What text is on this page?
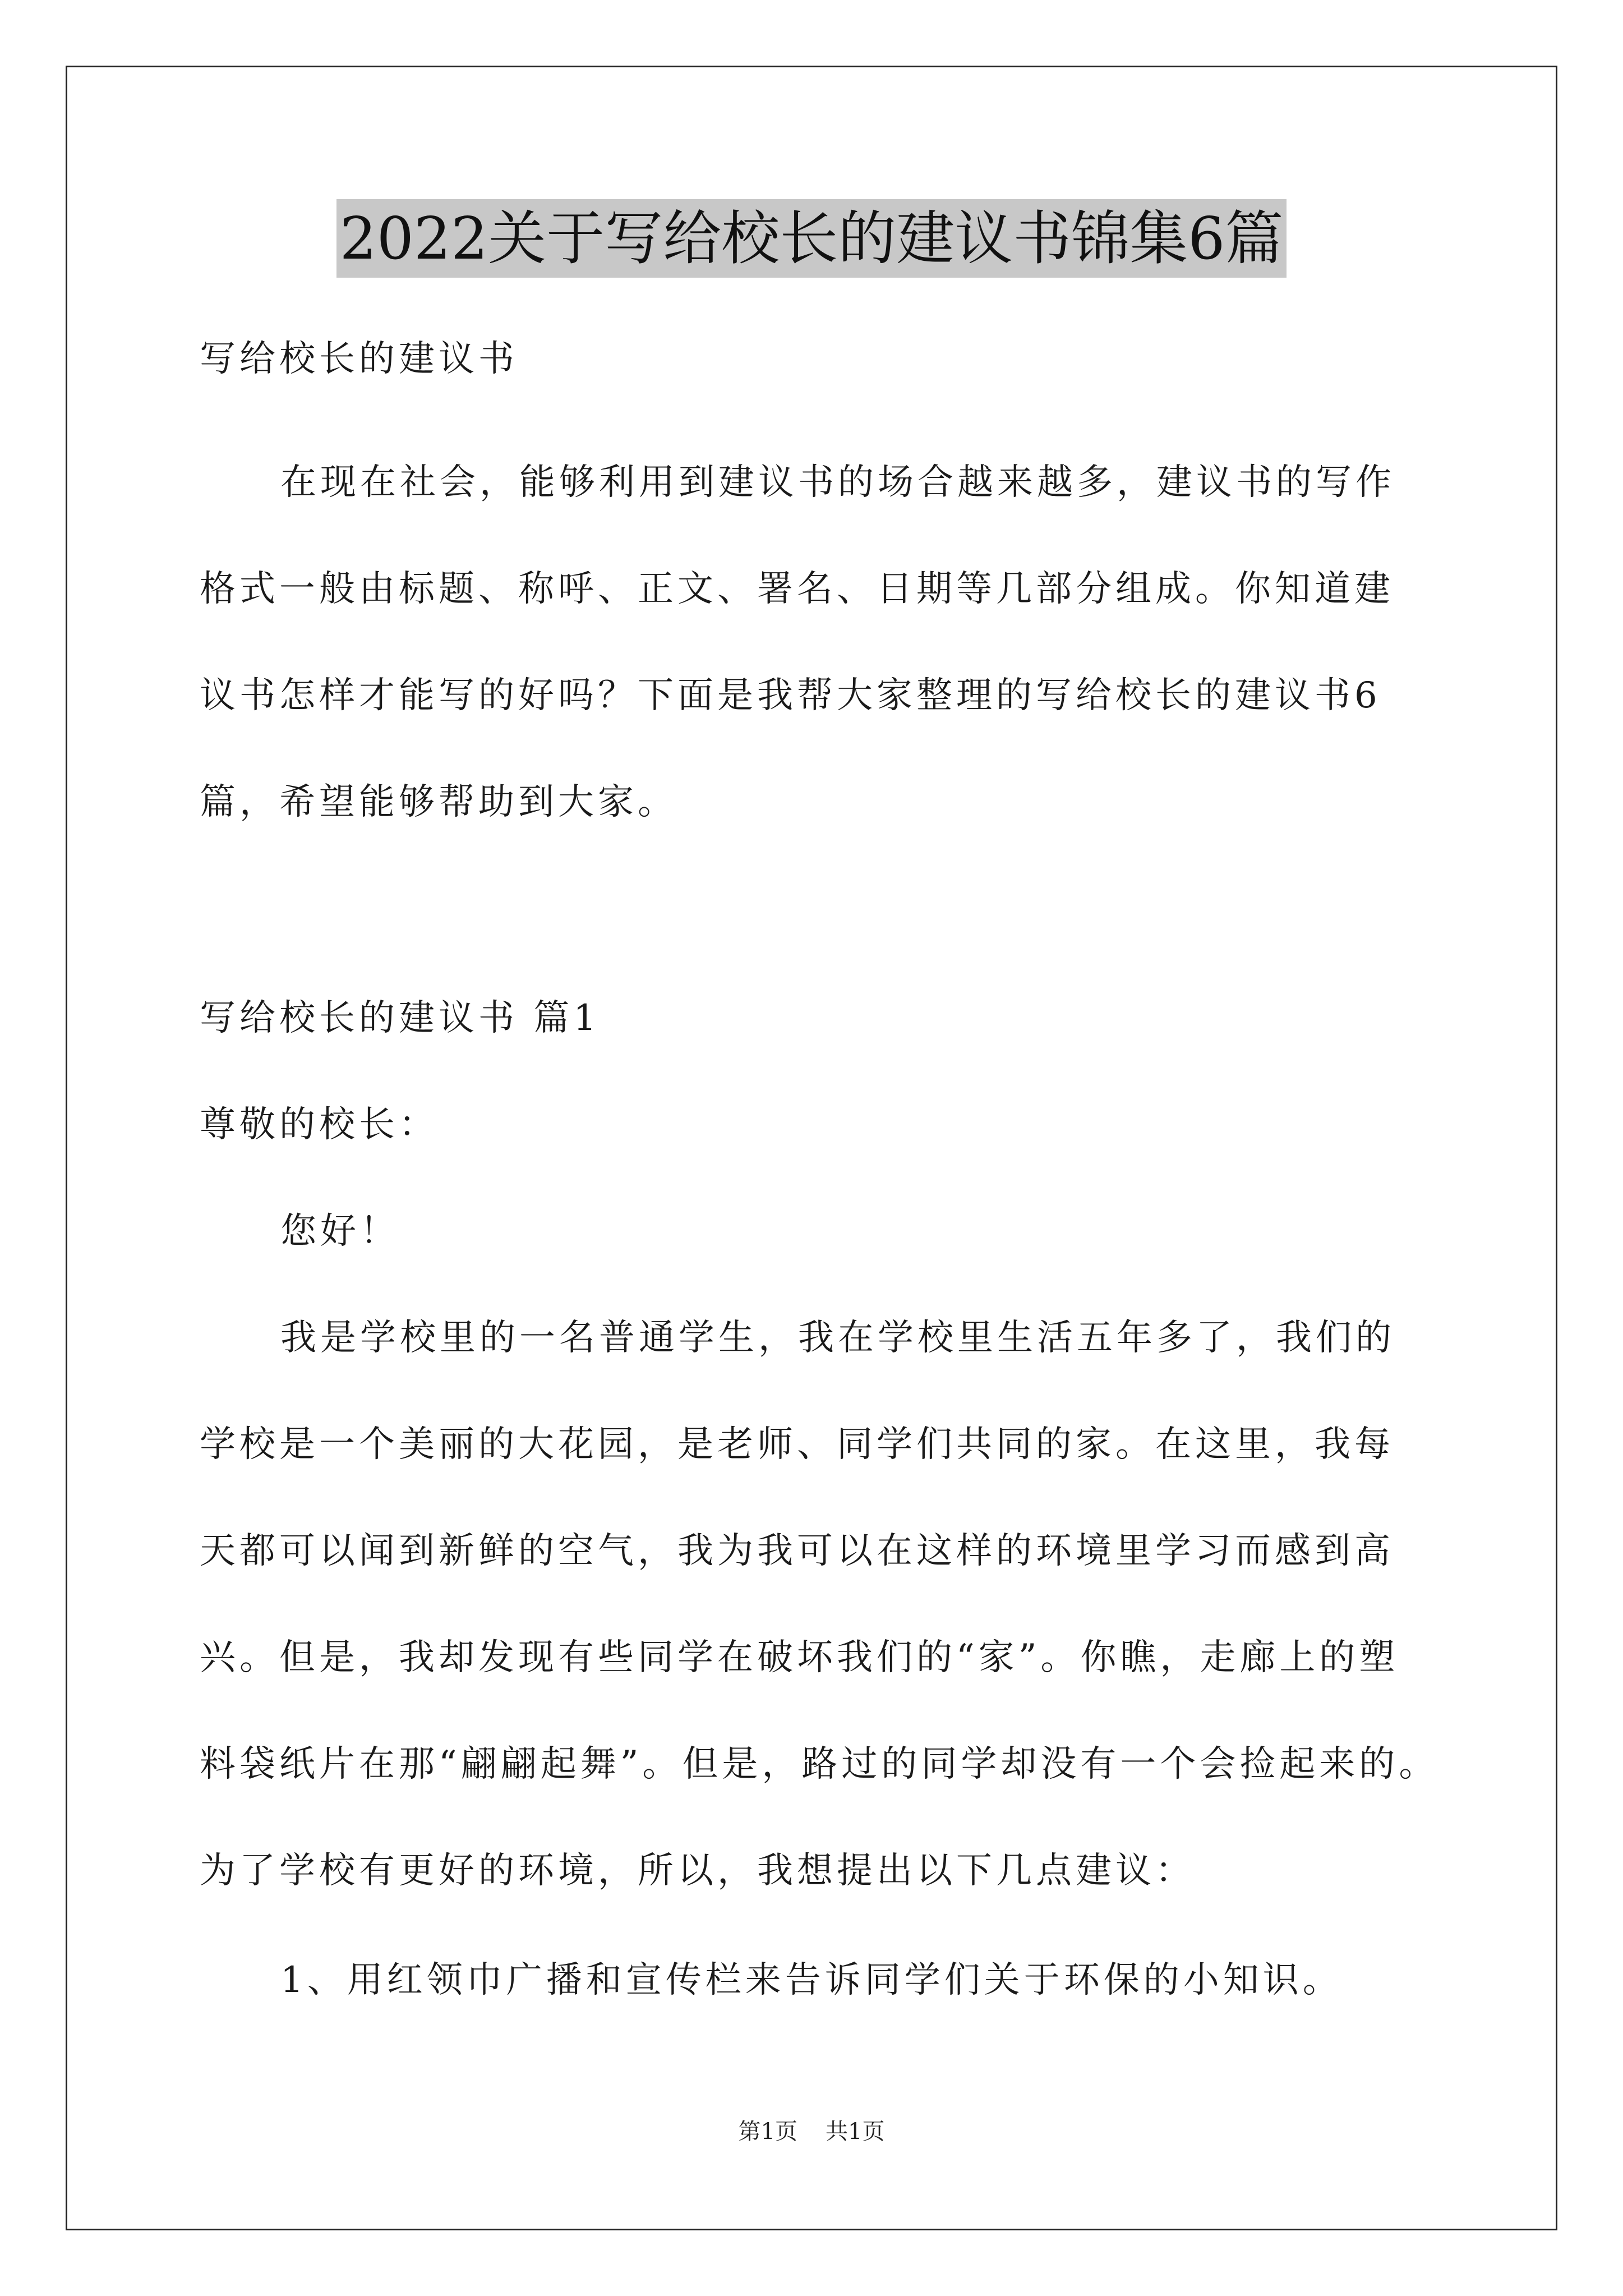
2022关于写给校长的建议书锦集6篇
写给校长的建议书
在现在社会，能够利用到建议书的场合越来越多，建议书的写作
格式一般由标题、称呼、正文、署名、日期等几部分组成。你知道建
议书怎样才能写的好吗？下面是我帮大家整理的写给校长的建议书6
篇，希望能够帮助到大家。
写给校长的建议书 篇1
尊敬的校长：
您好！
我是学校里的一名普通学生，我在学校里生活五年多了，我们的
学校是一个美丽的大花园，是老师、同学们共同的家。在这里，我每
天都可以闻到新鲜的空气，我为我可以在这样的环境里学习而感到高
兴。但是，我却发现有些同学在破坏我们的“家”。你瞧，走廊上的塑
料袋纸片在那“翩翩起舞”。但是，路过的同学却没有一个会捡起来的。
为了学校有更好的环境，所以，我想提出以下几点建议：
1、用红领巾广播和宣传栏来告诉同学们关于环保的小知识。
第1页 共1页
